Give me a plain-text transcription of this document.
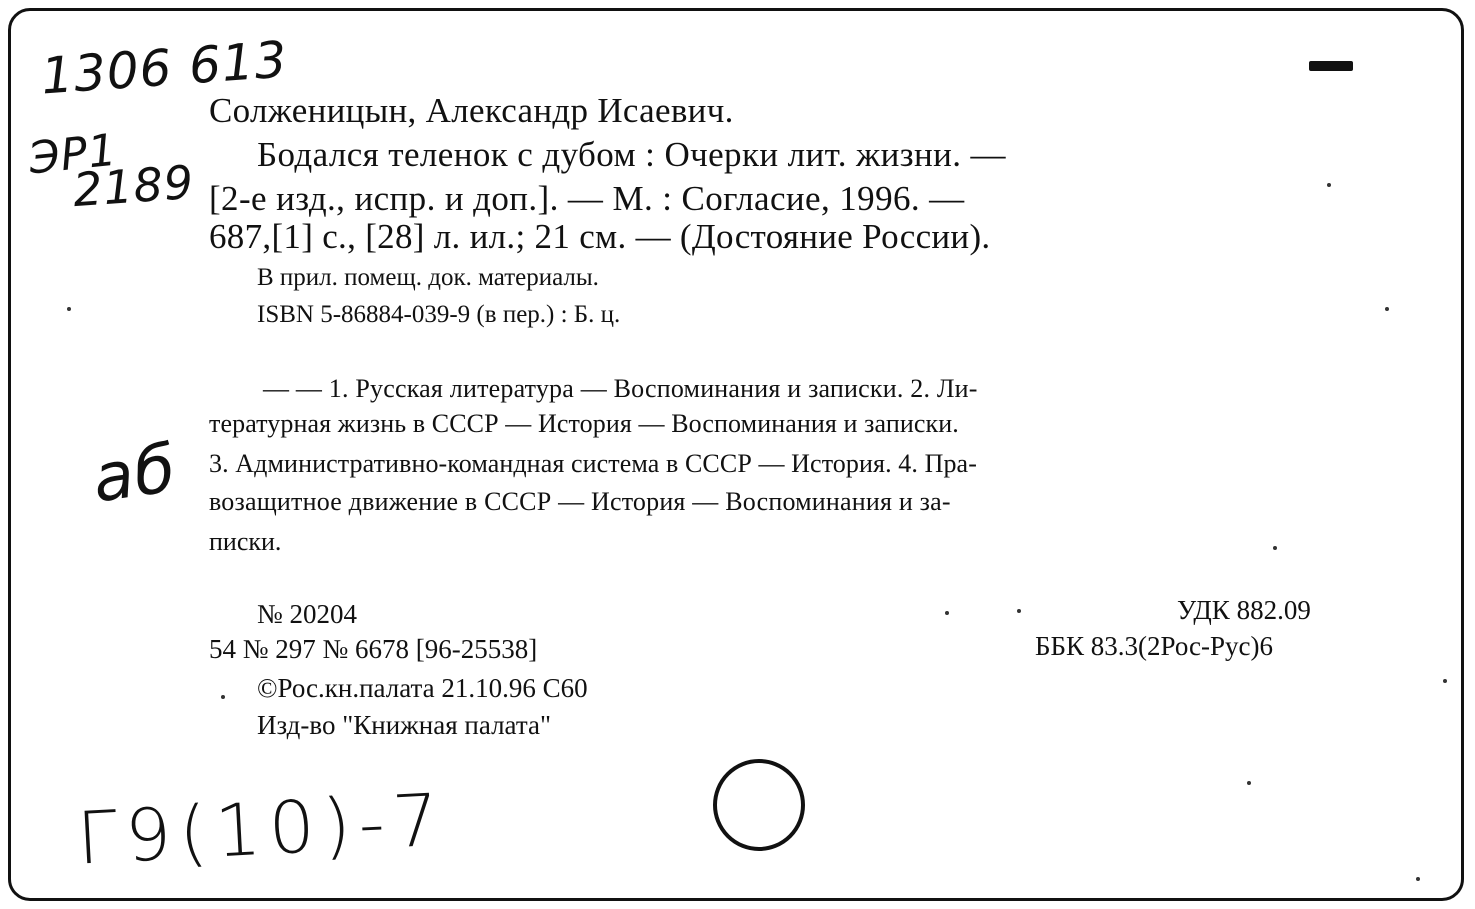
1306 613
ЭР1
2189
аб
Г9(10)-7
Солженицын, Александр Исаевич.
Бодался теленок с дубом : Очерки лит. жизни. —
[2-е изд., испр. и доп.]. — М. : Согласие, 1996. —
687,[1] с., [28] л. ил.; 21 см. — (Достояние России).
В прил. помещ. док. материалы.
ISBN 5-86884-039-9 (в пер.) : Б. ц.
— — 1. Русская литература — Воспоминания и записки. 2. Ли-
тературная жизнь в СССР — История — Воспоминания и записки.
3. Административно-командная система в СССР — История. 4. Пра-
возащитное движение в СССР — История — Воспоминания и за-
писки.
№ 20204
54 № 297 № 6678 [96-25538]
©Рос.кн.палата 21.10.96 С60
Изд-во "Книжная палата"
УДК 882.09
ББК 83.3(2Рос-Рус)6
